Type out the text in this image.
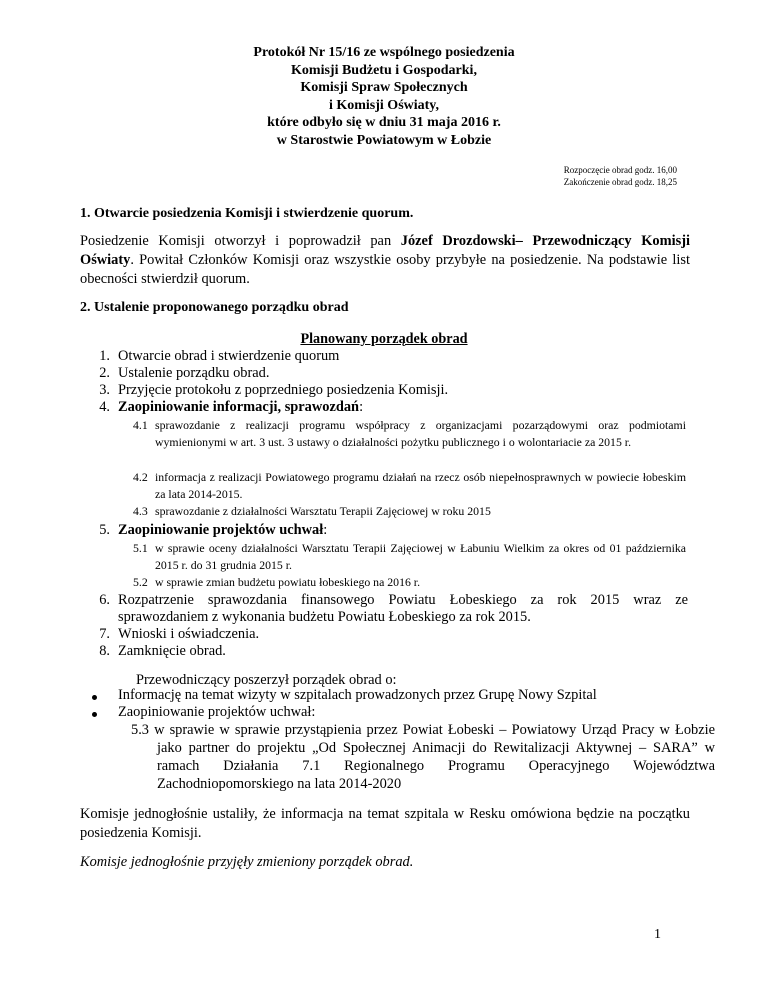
Protokół Nr 15/16 ze wspólnego posiedzenia
Komisji Budżetu i Gospodarki,
Komisji Spraw Społecznych
i Komisji Oświaty,
które odbyło się w dniu 31 maja 2016 r.
w Starostwie Powiatowym w Łobzie
Rozpoczęcie obrad godz. 16,00
Zakończenie obrad godz. 18,25

1. Otwarcie posiedzenia Komisji i stwierdzenie quorum.

Posiedzenie Komisji otworzył i poprowadził pan Józef Drozdowski– Przewodniczący Komisji Oświaty. Powitał Członków Komisji oraz wszystkie osoby przybyłe na posiedzenie. Na podstawie list obecności stwierdził quorum.

2. Ustalenie proponowanego porządku obrad

Planowany porządek obrad
1. Otwarcie obrad i stwierdzenie quorum
2. Ustalenie porządku obrad.
3. Przyjęcie protokołu z poprzedniego posiedzenia Komisji.
4. Zaopiniowanie informacji, sprawozdań:
4.1 sprawozdanie z realizacji programu współpracy z organizacjami pozarządowymi oraz podmiotami wymienionymi w art. 3 ust. 3 ustawy o działalności pożytku publicznego i o wolontariacie za 2015 r.
4.2 informacja z realizacji Powiatowego programu działań na rzecz osób niepełnosprawnych w powiecie łobeskim za lata 2014-2015.
4.3 sprawozdanie z działalności Warsztatu Terapii Zajęciowej w roku 2015
5. Zaopiniowanie projektów uchwał:
5.1 w sprawie oceny działalności Warsztatu Terapii Zajęciowej w Łabuniu Wielkim za okres od 01 października 2015 r. do 31 grudnia 2015 r.
5.2 w sprawie zmian budżetu powiatu łobeskiego na 2016 r.
6. Rozpatrzenie sprawozdania finansowego Powiatu Łobeskiego za rok 2015 wraz ze sprawozdaniem z wykonania budżetu Powiatu Łobeskiego za rok 2015.
7. Wnioski i oświadczenia.
8. Zamknięcie obrad.
Przewodniczący poszerzył porządek obrad o:
Informację na temat wizyty w szpitalach prowadzonych przez Grupę Nowy Szpital
Zaopiniowanie projektów uchwał:
5.3 w sprawie w sprawie przystąpienia przez Powiat Łobeski – Powiatowy Urząd Pracy w Łobzie jako partner do projektu „Od Społecznej Animacji do Rewitalizacji Aktywnej – SARA” w ramach Działania 7.1 Regionalnego Programu Operacyjnego Województwa Zachodniopomorskiego na lata 2014-2020

Komisje jednogłośnie ustaliły, że informacja na temat szpitala w Resku omówiona będzie na początku posiedzenia Komisji.

Komisje jednogłośnie przyjęły zmieniony porządek obrad.

1
